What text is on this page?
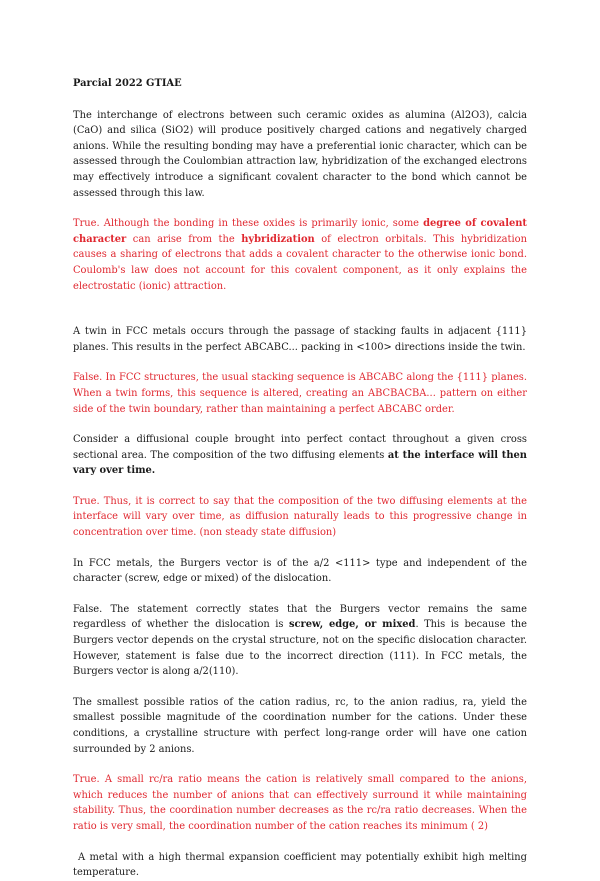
Parcial 2022 GTIAE

The interchange of electrons between such ceramic oxides as alumina (Al2O3), calcia (CaO) and silica (SiO2) will produce positively charged cations and negatively charged anions. While the resulting bonding may have a preferential ionic character, which can be assessed through the Coulombian attraction law, hybridization of the exchanged electrons may effectively introduce a significant covalent character to the bond which cannot be assessed through this law.

True. Although the bonding in these oxides is primarily ionic, some degree of covalent character can arise from the hybridization of electron orbitals. This hybridization causes a sharing of electrons that adds a covalent character to the otherwise ionic bond. Coulomb's law does not account for this covalent component, as it only explains the electrostatic (ionic) attraction.

A twin in FCC metals occurs through the passage of stacking faults in adjacent {111} planes. This results in the perfect ABCABC... packing in <100> directions inside the twin.

False. In FCC structures, the usual stacking sequence is ABCABC along the {111} planes. When a twin forms, this sequence is altered, creating an ABCBACBA... pattern on either side of the twin boundary, rather than maintaining a perfect ABCABC order.

Consider a diffusional couple brought into perfect contact throughout a given cross sectional area. The composition of the two diffusing elements at the interface will then vary over time.

True. Thus, it is correct to say that the composition of the two diffusing elements at the interface will vary over time, as diffusion naturally leads to this progressive change in concentration over time. (non steady state diffusion)

In FCC metals, the Burgers vector is of the a/2 <111> type and independent of the character (screw, edge or mixed) of the dislocation.

False. The statement correctly states that the Burgers vector remains the same regardless of whether the dislocation is screw, edge, or mixed. This is because the Burgers vector depends on the crystal structure, not on the specific dislocation character. However, statement is false due to the incorrect direction (111). In FCC metals, the Burgers vector is along a/2(110).

The smallest possible ratios of the cation radius, rc, to the anion radius, ra, yield the smallest possible magnitude of the coordination number for the cations. Under these conditions, a crystalline structure with perfect long-range order will have one cation surrounded by 2 anions.

True. A small rc/ra ratio means the cation is relatively small compared to the anions, which reduces the number of anions that can effectively surround it while maintaining stability. Thus, the coordination number decreases as the rc/ra ratio decreases. When the ratio is very small, the coordination number of the cation reaches its minimum ( 2)

A metal with a high thermal expansion coefficient may potentially exhibit high melting temperature.
